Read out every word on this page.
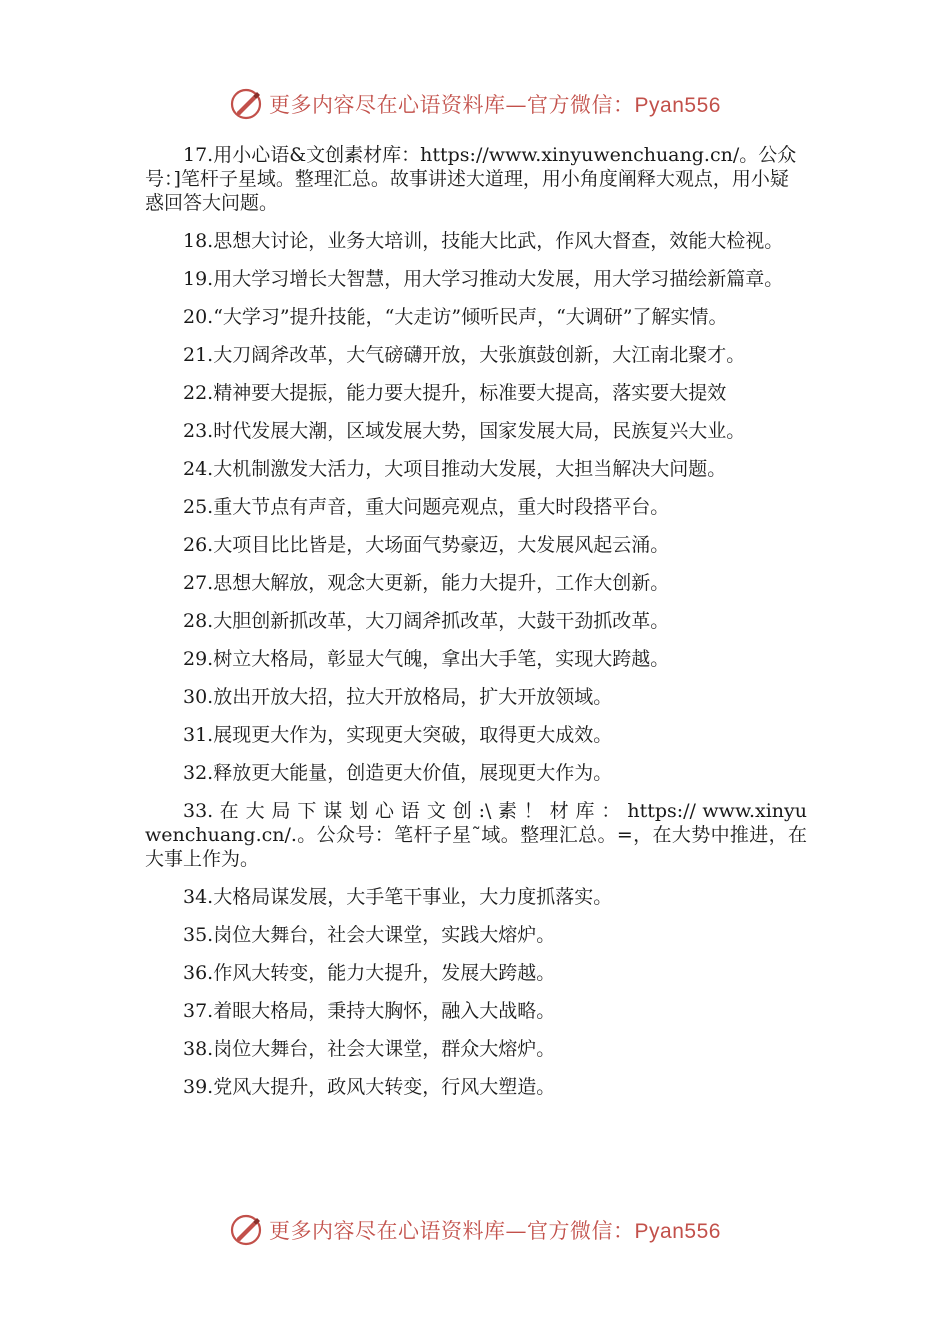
更多内容尽在心语资料库—官方微信：Pyan556

17.用小心语&文创素材库：https://www.xinyuwenchuang.cn/。公众号：]笔杆子星域。整理汇总。故事讲述大道理，用小角度阐释大观点，用小疑惑回答大问题。

18.思想大讨论，业务大培训，技能大比武，作风大督查，效能大检视。

19.用大学习增长大智慧，用大学习推动大发展，用大学习描绘新篇章。

20.“大学习”提升技能，“大走访”倾听民声，“大调研”了解实情。

21.大刀阔斧改革，大气磅礴开放，大张旗鼓创新，大江南北聚才。

22.精神要大提振，能力要大提升，标准要大提高，落实要大提效

23.时代发展大潮，区域发展大势，国家发展大局，民族复兴大业。

24.大机制激发大活力，大项目推动大发展，大担当解决大问题。

25.重大节点有声音，重大问题亮观点，重大时段搭平台。

26.大项目比比皆是，大场面气势豪迈，大发展风起云涌。

27.思想大解放，观念大更新，能力大提升，工作大创新。

28.大胆创新抓改革，大刀阔斧抓改革，大鼓干劲抓改革。

29.树立大格局，彰显大气魄，拿出大手笔，实现大跨越。

30.放出开放大招，拉大开放格局，扩大开放领域。

31.展现更大作为，实现更大突破，取得更大成效。

32.释放更大能量，创造更大价值，展现更大作为。

33. 在 大 局 下 谋 划 心 语 文 创 :\ 素 ！ 材 库 ： https:// www.xinyuwenchuang.cn/.。公众号：笔杆子星˜域。整理汇总。=，在大势中推进，在大事上作为。

34.大格局谋发展，大手笔干事业，大力度抓落实。

35.岗位大舞台，社会大课堂，实践大熔炉。

36.作风大转变，能力大提升，发展大跨越。

37.着眼大格局，秉持大胸怀，融入大战略。

38.岗位大舞台，社会大课堂，群众大熔炉。

39.党风大提升，政风大转变，行风大塑造。

更多内容尽在心语资料库—官方微信：Pyan556
